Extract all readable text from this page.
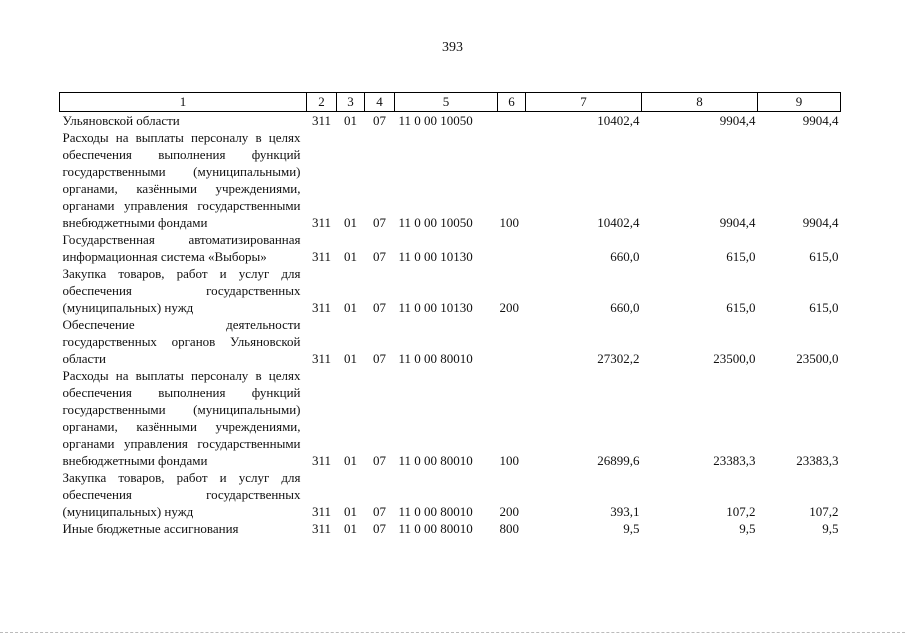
393
1	2	3	4	5	6	7	8	9
Ульяновской области	311	01	07	11 0 00 10050		10402,4	9904,4	9904,4
Расходы на выплаты персоналу в целях обеспечения выполнения функций государственными (муниципальными) органами, казёнными учреждениями, органами управления государственными внебюджетными фондами	311	01	07	11 0 00 10050	100	10402,4	9904,4	9904,4
Государственная автоматизированная информационная система «Выборы»	311	01	07	11 0 00 10130		660,0	615,0	615,0
Закупка товаров, работ и услуг для обеспечения государственных (муниципальных) нужд	311	01	07	11 0 00 10130	200	660,0	615,0	615,0
Обеспечение деятельности государственных органов Ульяновской области	311	01	07	11 0 00 80010		27302,2	23500,0	23500,0
Расходы на выплаты персоналу в целях обеспечения выполнения функций государственными (муниципальными) органами, казёнными учреждениями, органами управления государственными внебюджетными фондами	311	01	07	11 0 00 80010	100	26899,6	23383,3	23383,3
Закупка товаров, работ и услуг для обеспечения государственных (муниципальных) нужд	311	01	07	11 0 00 80010	200	393,1	107,2	107,2
Иные бюджетные ассигнования	311	01	07	11 0 00 80010	800	9,5	9,5	9,5
